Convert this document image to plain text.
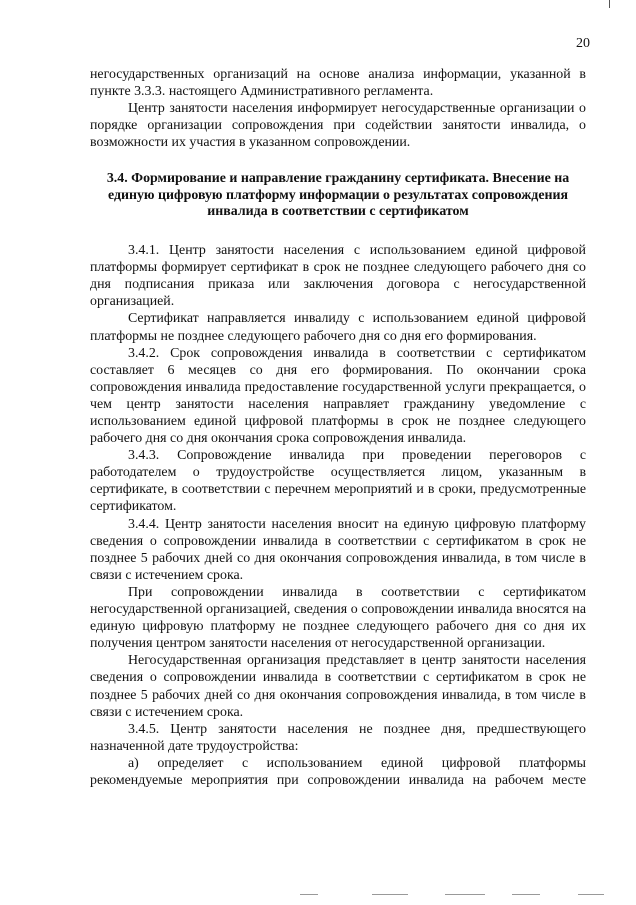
20

негосударственных организаций на основе анализа информации, указанной в пункте 3.3.3. настоящего Административного регламента.

Центр занятости населения информирует негосударственные организации о порядке организации сопровождения при содействии занятости инвалида, о возможности их участия в указанном сопровождении.

3.4. Формирование и направление гражданину сертификата. Внесение на
единую цифровую платформу информации о результатах сопровождения
инвалида в соответствии с сертификатом

3.4.1. Центр занятости населения с использованием единой цифровой платформы формирует сертификат в срок не позднее следующего рабочего дня со дня подписания приказа или заключения договора с негосударственной организацией.

Сертификат направляется инвалиду с использованием единой цифровой платформы не позднее следующего рабочего дня со дня его формирования.

3.4.2. Срок сопровождения инвалида в соответствии с сертификатом составляет 6 месяцев со дня его формирования. По окончании срока сопровождения инвалида предоставление государственной услуги прекращается, о чем центр занятости населения направляет гражданину уведомление с использованием единой цифровой платформы в срок не позднее следующего рабочего дня со дня окончания срока сопровождения инвалида.

3.4.3. Сопровождение инвалида при проведении переговоров с работодателем о трудоустройстве осуществляется лицом, указанным в сертификате, в соответствии с перечнем мероприятий и в сроки, предусмотренные сертификатом.

3.4.4. Центр занятости населения вносит на единую цифровую платформу сведения о сопровождении инвалида в соответствии с сертификатом в срок не позднее 5 рабочих дней со дня окончания сопровождения инвалида, в том числе в связи с истечением срока.

При сопровождении инвалида в соответствии с сертификатом негосударственной организацией, сведения о сопровождении инвалида вносятся на единую цифровую платформу не позднее следующего рабочего дня со дня их получения центром занятости населения от негосударственной организации.

Негосударственная организация представляет в центр занятости населения сведения о сопровождении инвалида в соответствии с сертификатом в срок не позднее 5 рабочих дней со дня окончания сопровождения инвалида, в том числе в связи с истечением срока.

3.4.5. Центр занятости населения не позднее дня, предшествующего назначенной дате трудоустройства:

а) определяет с использованием единой цифровой платформы рекомендуемые мероприятия при сопровождении инвалида на рабочем месте
